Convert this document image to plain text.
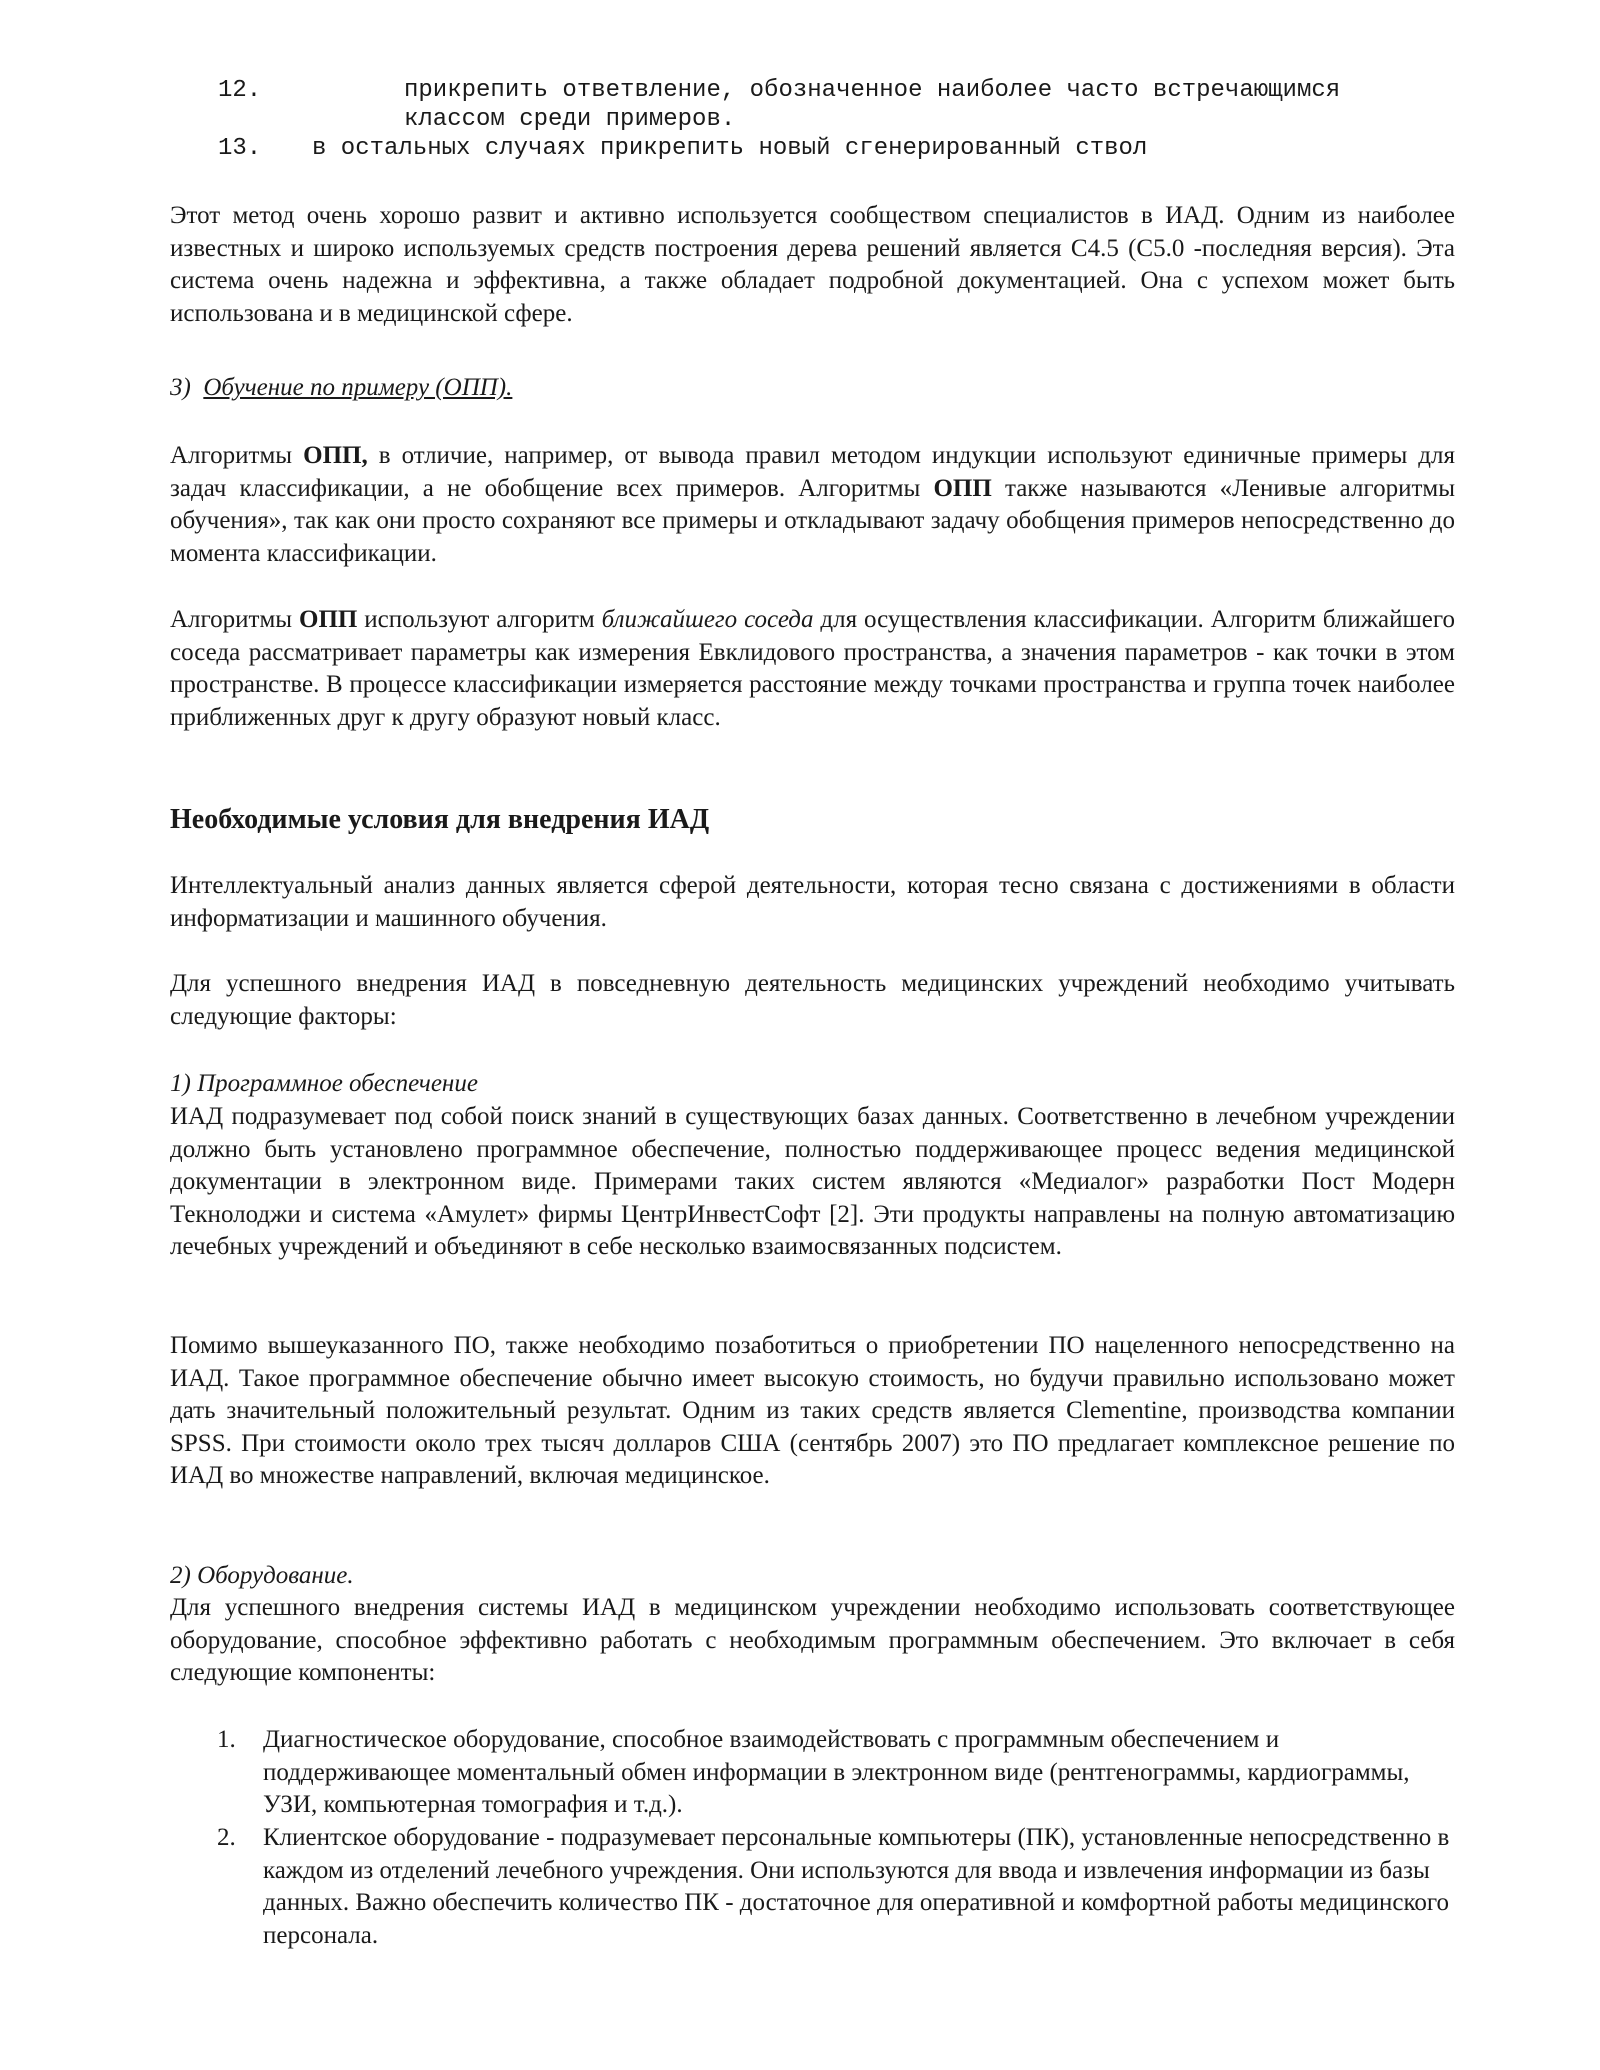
12.	прикрепить ответвление, обозначенное наиболее часто встречающимся
классом среди примеров.
13. в остальных случаях прикрепить новый сгенерированный ствол

Этот метод очень хорошо развит и активно используется сообществом специалистов в ИАД. Одним из наиболее известных и широко используемых средств построения дерева решений является C4.5 (C5.0 -последняя версия). Эта система очень надежна и эффективна, а также обладает подробной документацией. Она с успехом может быть использована и в медицинской сфере.

3) Обучение по примеру (ОПП).

Алгоритмы ОПП, в отличие, например, от вывода правил методом индукции используют единичные примеры для задач классификации, а не обобщение всех примеров. Алгоритмы ОПП также называются «Ленивые алгоритмы обучения», так как они просто сохраняют все примеры и откладывают задачу обобщения примеров непосредственно до момента классификации.

Алгоритмы ОПП используют алгоритм ближайшего соседа для осуществления классификации. Алгоритм ближайшего соседа рассматривает параметры как измерения Евклидового пространства, а значения параметров - как точки в этом пространстве. В процессе классификации измеряется расстояние между точками пространства и группа точек наиболее приближенных друг к другу образуют новый класс.

Необходимые условия для внедрения ИАД

Интеллектуальный анализ данных является сферой деятельности, которая тесно связана с достижениями в области информатизации и машинного обучения.

Для успешного внедрения ИАД в повседневную деятельность медицинских учреждений необходимо учитывать следующие факторы:

1) Программное обеспечение

ИАД подразумевает под собой поиск знаний в существующих базах данных. Соответственно в лечебном учреждении должно быть установлено программное обеспечение, полностью поддерживающее процесс ведения медицинской документации в электронном виде. Примерами таких систем являются «Медиалог» разработки Пост Модерн Текнолоджи и система «Амулет» фирмы ЦентрИнвестСофт [2]. Эти продукты направлены на полную автоматизацию лечебных учреждений и объединяют в себе несколько взаимосвязанных подсистем.

Помимо вышеуказанного ПО, также необходимо позаботиться о приобретении ПО нацеленного непосредственно на ИАД. Такое программное обеспечение обычно имеет высокую стоимость, но будучи правильно использовано может дать значительный положительный результат. Одним из таких средств является Clementine, производства компании SPSS. При стоимости около трех тысяч долларов США (сентябрь 2007) это ПО предлагает комплексное решение по ИАД во множестве направлений, включая медицинское.

2) Оборудование.

Для успешного внедрения системы ИАД в медицинском учреждении необходимо использовать соответствующее оборудование, способное эффективно работать с необходимым программным обеспечением. Это включает в себя следующие компоненты:

1.	Диагностическое оборудование, способное взаимодействовать с программным обеспечением и поддерживающее моментальный обмен информации в электронном виде (рентгенограммы, кардиограммы, УЗИ, компьютерная томография и т.д.).
2.	Клиентское оборудование - подразумевает персональные компьютеры (ПК), установленные непосредственно в каждом из отделений лечебного учреждения. Они используются для ввода и извлечения информации из базы данных. Важно обеспечить количество ПК - достаточное для оперативной и комфортной работы медицинского персонала.
